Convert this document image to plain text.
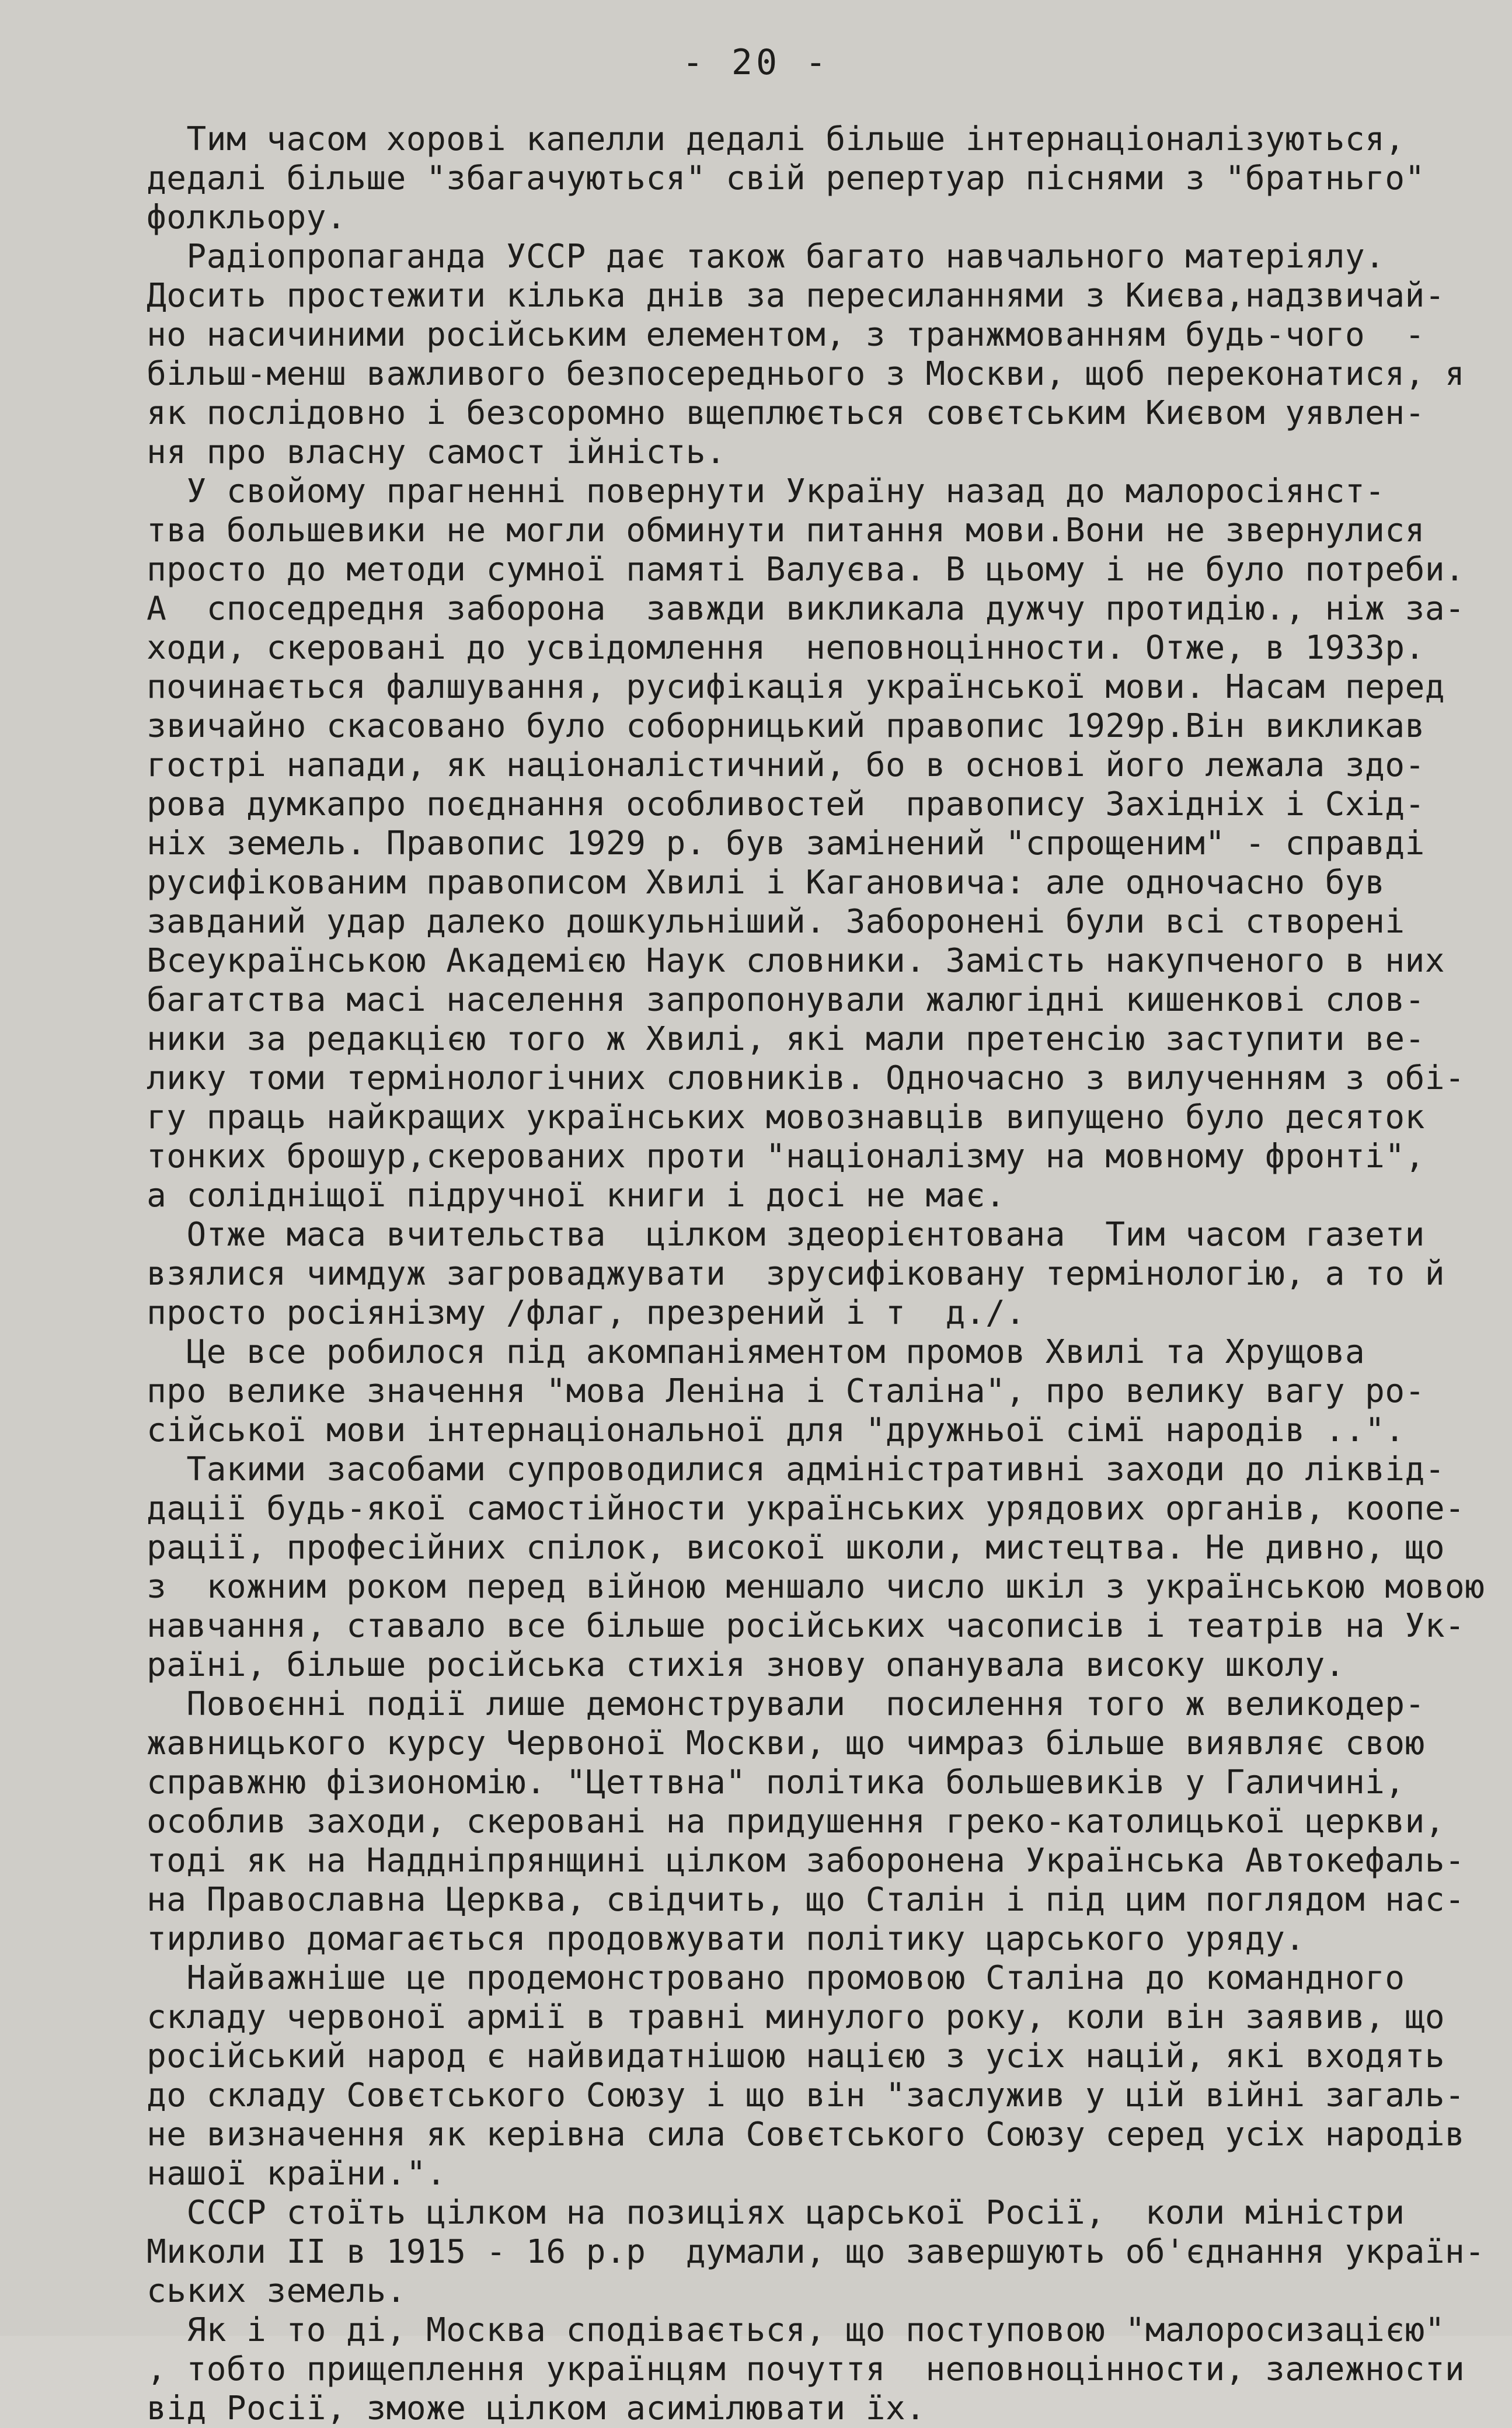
- 20 -
Тим часом хорові капелли дедалі більше інтернаціоналізуються,
дедалі більше "збагачуються" свій репертуар піснями з "братньго"
фолкльору.
Радіопропаганда УССР дає також багато навчального матеріялу.
Досить простежити кілька днів за пересиланнями з Києва,надзвичай-
но насичиними російським елементом, з транжмованням будь-чого  -
більш-менш важливого безпосереднього з Москви, щоб переконатися, я
як послідовно і безсоромно вщеплюється совєтським Києвом уявлен-
ня про власну самост ійність.
У свойому прагненні повернути Україну назад до малоросіянст-
тва большевики не могли обминути питання мови.Вони не звернулися
просто до методи сумної памяті Валуєва. В цьому і не було потреби.
А  споседредня заборона  завжди викликала дужчу протидію., ніж за-
ходи, скеровані до усвідомлення  неповноцінности. Отже, в 1933р.
починається фалшування, русифікація української мови. Насам перед
звичайно скасовано було соборницький правопис 1929р.Він викликав
гострі напади, як націоналістичний, бо в основі його лежала здо-
рова думкапро поєднання особливостей  правопису Західніх і Схід-
ніх земель. Правопис 1929 р. був замінений "спрощеним" - справді
русифікованим правописом Хвилі і Кагановича: але одночасно був
завданий удар далеко дошкульніший. Заборонені були всі створені
Всеукраїнською Академією Наук словники. Замість накупченого в них
багатства масі населення запропонували жалюгідні кишенкові слов-
ники за редакцією того ж Хвилі, які мали претенсію заступити ве-
лику томи термінологічних словників. Одночасно з вилученням з обі-
гу праць найкращих українських мовознавців випущено було десяток
тонких брошур,скерованих проти "націоналізму на мовному фронті",
а солідніщої підручної книги і досі не має.
Отже маса вчительства  цілком здеорієнтована  Тим часом газети
взялися чимдуж загроваджувати  зрусифіковану термінологію, а то й
просто росіянізму /флаг, презрений і т  д./.
Це все робилося під акомпаніяментом промов Хвилі та Хрущова
про велике значення "мова Леніна і Сталіна", про велику вагу ро-
сійської мови інтернаціональної для "дружньої сімї народів ..".
Такими засобами супроводилися адміністративні заходи до ліквід-
дації будь-якої самостійности українських урядових органів, коопе-
рації, професійних спілок, високої школи, мистецтва. Не дивно, що
з  кожним роком перед війною меншало число шкіл з українською мовою
навчання, ставало все більше російських часописів і театрів на Ук-
раїні, більше російська стихія знову опанувала високу школу.
Повоєнні події лише демонстрували  посилення того ж великодер-
жавницького курсу Червоної Москви, що чимраз більше виявляє свою
справжню фізиономію. "Цеттвна" політика большевиків у Галичині,
особлив заходи, скеровані на придушення греко-католицької церкви,
тоді як на Наддніпрянщині цілком заборонена Українська Автокефаль-
на Православна Церква, свідчить, що Сталін і під цим поглядом нас-
тирливо домагається продовжувати політику царського уряду.
Найважніше це продемонстровано промовою Сталіна до командного
складу червоної армії в травні минулого року, коли він заявив, що
російський народ є найвидатнішою нацією з усіх націй, які входять
до складу Совєтського Союзу і що він "заслужив у цій війні загаль-
не визначення як керівна сила Совєтського Союзу серед усіх народів
нашої країни.".
СССР стоїть цілком на позиціях царської Росії,  коли міністри
Миколи II в 1915 - 16 р.р  думали, що завершують об'єднання україн-
ських земель.
Як і то ді, Москва сподівається, що поступовою "малоросизацією"
, тобто прищеплення українцям почуття  неповноцінности, залежности
від Росії, зможе цілком асимілювати їх.
